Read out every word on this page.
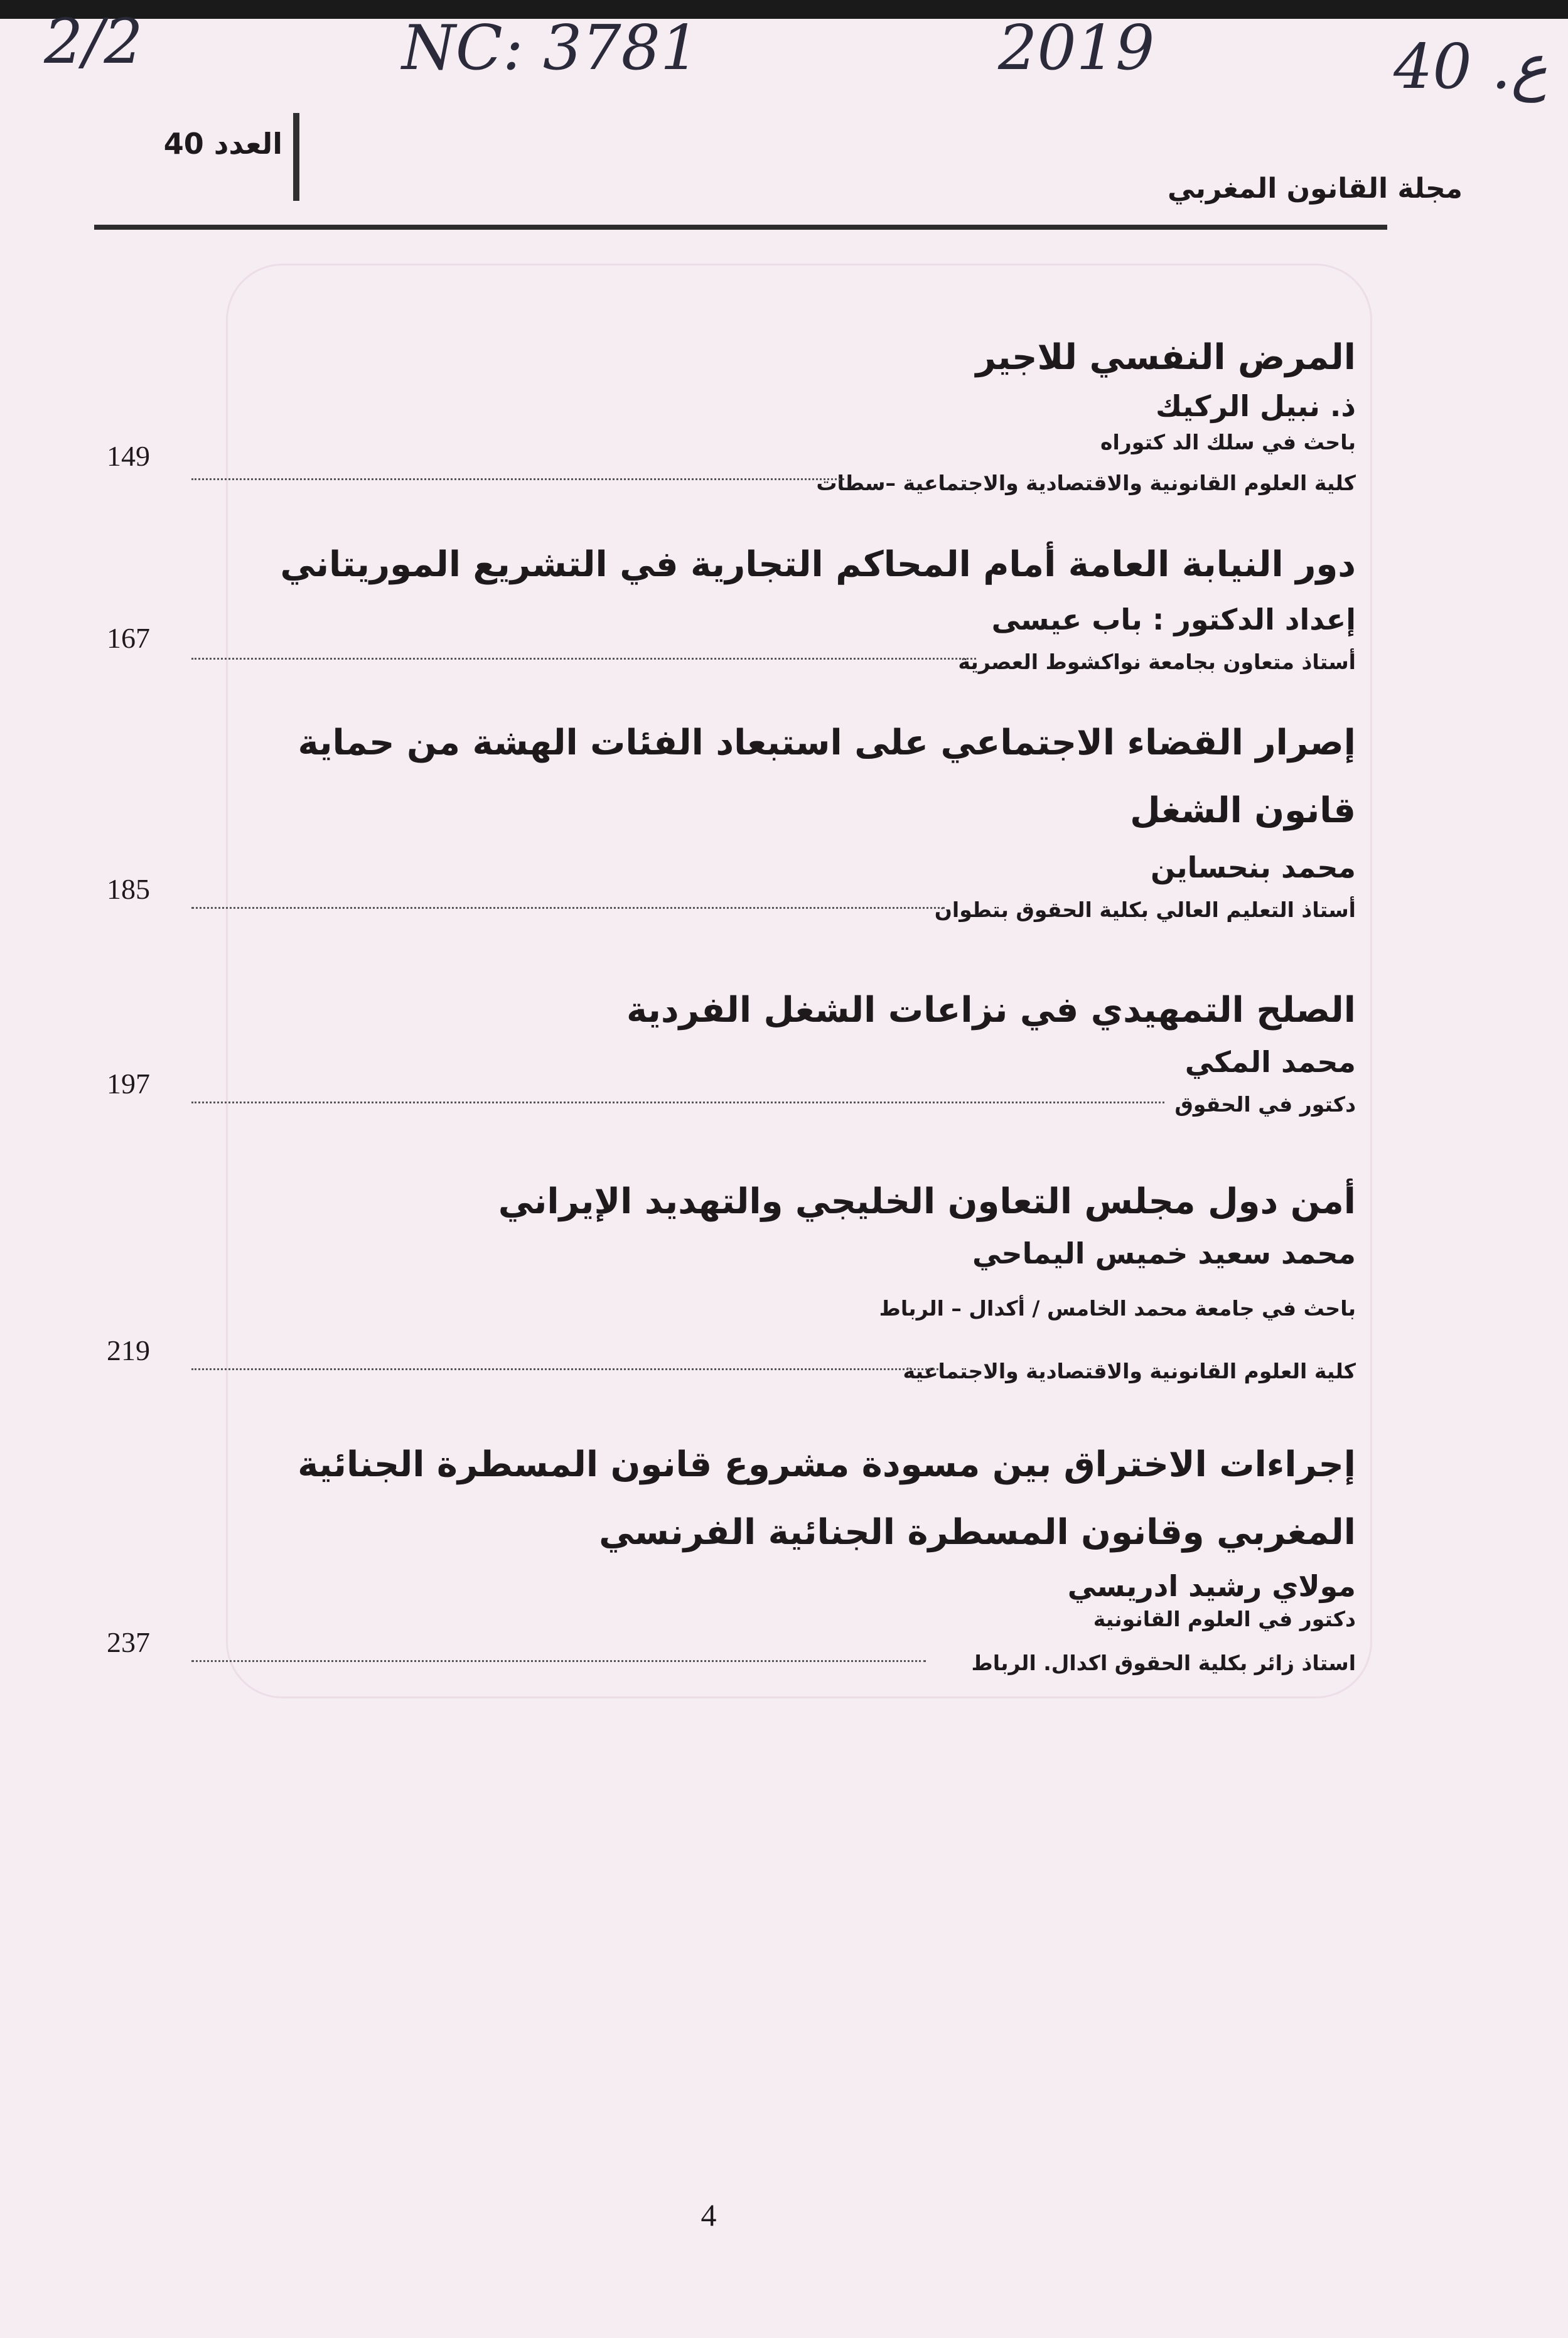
2/2	NC: 3781	2019	ع. 40
العدد 40
مجلة القانون المغربي
المرض النفسي للاجير
ذ. نبيل الركيك
باحث في سلك الد كتوراه
كلية العلوم القانونية والاقتصادية والاجتماعية –سطات
149
دور النيابة العامة أمام المحاكم التجارية في التشريع الموريتاني
إعداد الدكتور : باب عيسى
أستاذ متعاون بجامعة نواكشوط العصرية
167
إصرار القضاء الاجتماعي على استبعاد الفئات الهشة من حماية قانون الشغل
محمد بنحساين
أستاذ التعليم العالي بكلية الحقوق بتطوان
185
الصلح التمهيدي في نزاعات الشغل الفردية
محمد المكي
دكتور في الحقوق
197
أمن دول مجلس التعاون الخليجي والتهديد الإيراني
محمد سعيد خميس اليماحي
باحث في جامعة محمد الخامس / أكدال – الرباط
كلية العلوم القانونية والاقتصادية والاجتماعية
219
إجراءات الاختراق بين مسودة مشروع قانون المسطرة الجنائية المغربي وقانون المسطرة الجنائية الفرنسي
مولاي رشيد ادريسي
دكتور في العلوم القانونية
استاذ زائر بكلية الحقوق اكدال. الرباط
237
4
